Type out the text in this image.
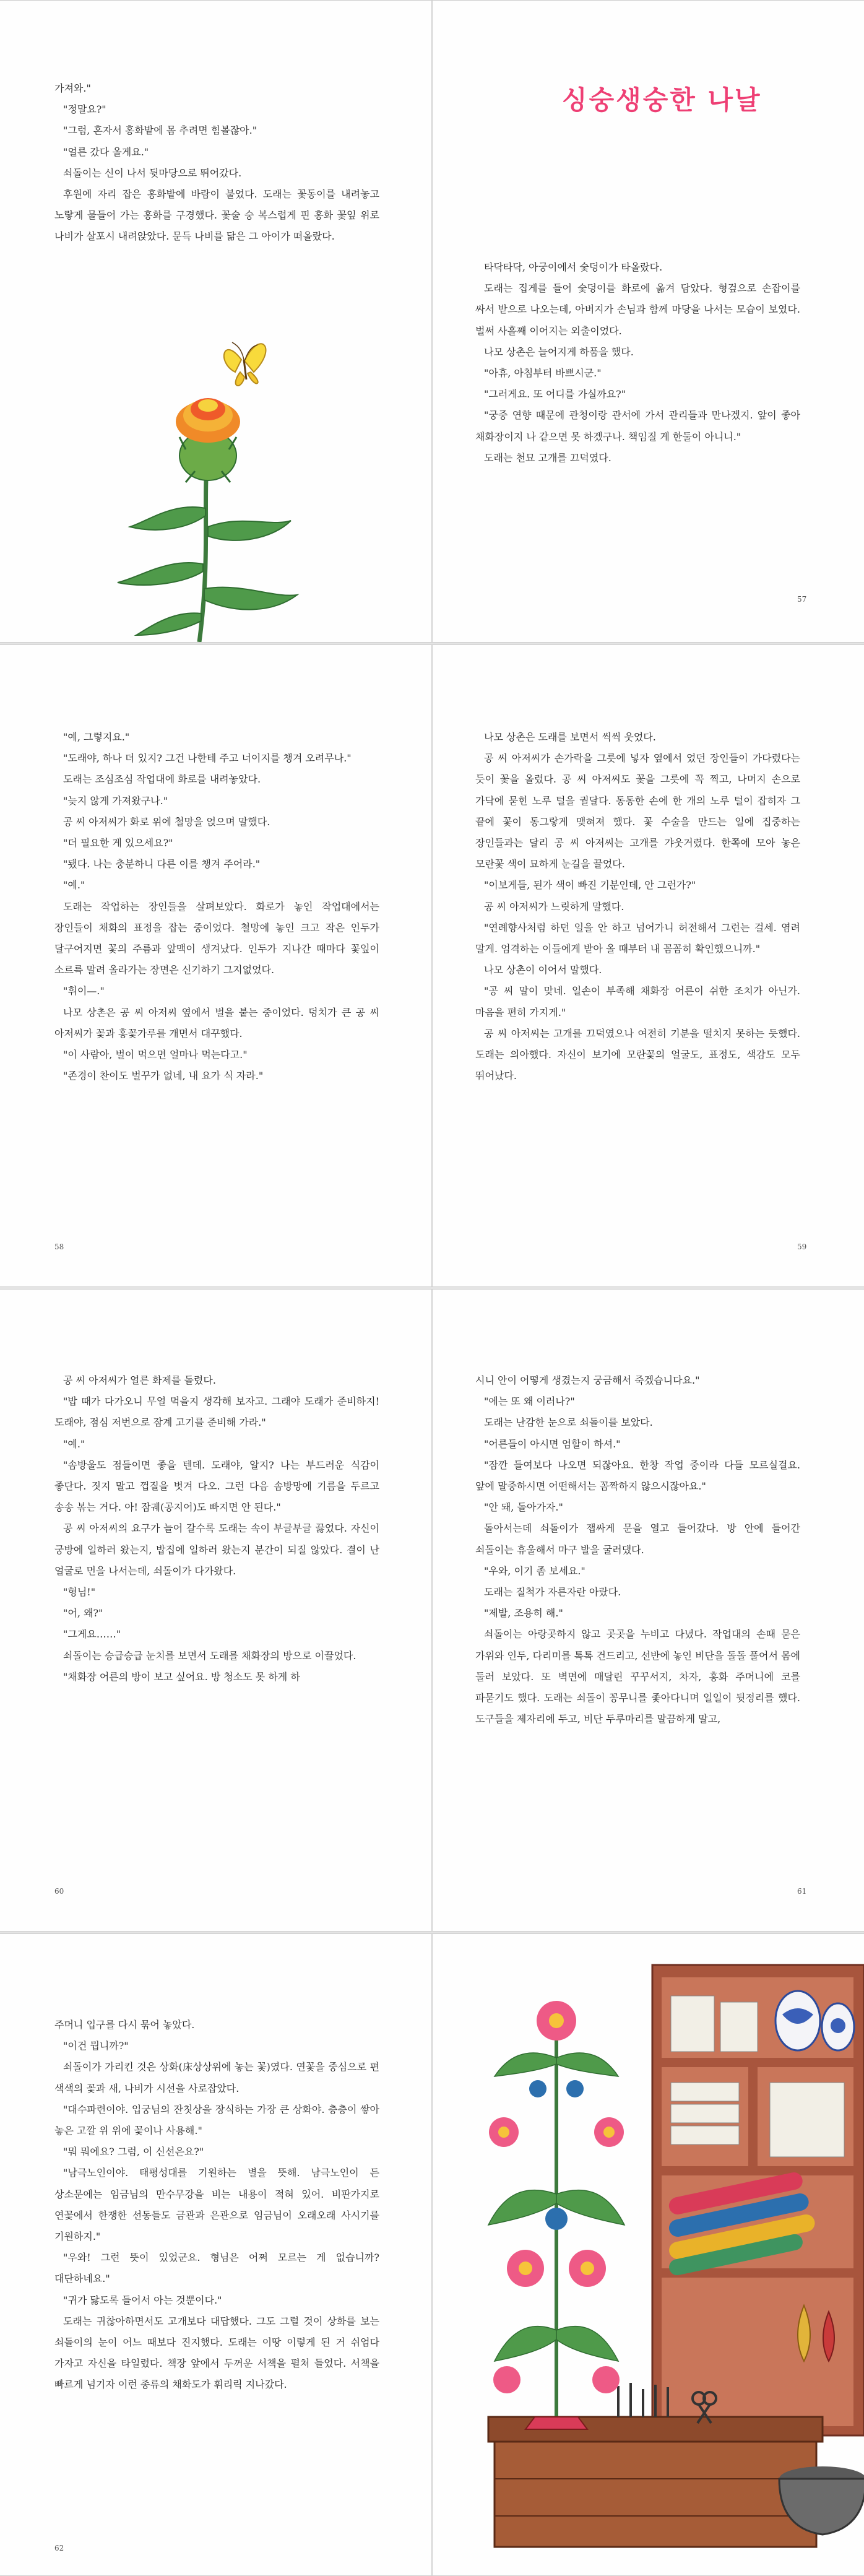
가져와."

"정말요?"

"그럼, 혼자서 홍화밭에 몸 추려면 힘볼잖아."

"얼른 갔다 올게요."

쇠돌이는 신이 나서 뒷마당으로 뛰어갔다.

후원에 자리 잡은 홍화밭에 바람이 불었다. 도래는 꽃동이를 내려놓고 노랗게 물들어 가는 홍화를 구경했다. 꽃술 숭 복스럽게 핀 홍화 꽃잎 위로 나비가 살포시 내려앉았다. 문득 나비를 닮은 그 아이가 떠올랐다.

싱숭생숭한 나날

타닥타닥, 아궁이에서 숯덩이가 타올랐다.

도래는 집게를 들어 숯덩이를 화로에 옮겨 담았다. 형겊으로 손잡이를 싸서 받으로 나오는데, 아버지가 손님과 함께 마당을 나서는 모습이 보였다. 벌써 사흘째 이어지는 외출이었다.

나모 상촌은 늘어지게 하품을 했다.

"아휴, 아침부터 바쁘시군."

"그러게요. 또 어디를 가실까요?"

"궁중 연향 때문에 관청이랑 관서에 가서 관리들과 만나겠지. 앞이 좋아 채화장이지 나 같으면 못 하겠구나. 책임질 게 한둘이 아니니."

도래는 천묘 고개를 끄덕였다.

57

"예, 그렇지요."

"도래야, 하나 더 있지? 그건 나한테 주고 너이지를 챙겨 오려무나."

도래는 조심조심 작업대에 화로를 내려놓았다.

"늦지 않게 가져왔구나."

공 씨 아저씨가 화로 위에 철망을 얹으며 말했다.

"더 필요한 게 있으세요?"

"됐다. 나는 충분하니 다른 이를 챙겨 주어라."

"예."

도래는 작업하는 장인들을 살펴보았다. 화로가 놓인 작업대에서는 장인들이 채화의 표정을 잡는 중이었다. 철망에 놓인 크고 작은 인두가 달구어지면 꽃의 주름과 앞맥이 생겨났다. 인두가 지나간 때마다 꽃잎이 소르륵 말려 올라가는 장면은 신기하기 그지없었다.

"휘이—."

나모 상촌은 공 씨 아저씨 옆에서 벌을 붙는 중이었다. 덩치가 큰 공 씨 아저씨가 꽃과 홍꽃가루를 개면서 대꾸했다.

"이 사람아, 벌이 먹으면 얼마나 먹는다고."

"존경이 찬이도 벌꾸가 없네, 내 요가 식 자라."

58

나모 상촌은 도래를 보면서 씩씩 웃었다.

공 씨 아저씨가 손가락을 그릇에 넣자 옆에서 었던 장인들이 가다렸다는 듯이 꽃을 올렸다. 공 씨 아저씨도 꽃을 그릇에 꼭 찍고, 나머지 손으로 가닥에 묻힌 노루 털을 궐달다. 동동한 손에 한 개의 노루 털이 잡히자 그 끝에 꽃이 동그랗게 맺혀져 했다. 꽃 수술을 만드는 일에 집중하는 장인들과는 달리 공 씨 아저씨는 고개를 갸웃거렸다. 한쪽에 모아 놓은 모란꽃 색이 묘하게 눈길을 끌었다.

"이보게들, 된가 색이 빠진 기분인데, 안 그런가?"

공 씨 아저씨가 느릿하게 말했다.

"연례향사처럼 하던 일을 안 하고 넘어가니 허전해서 그런는 걸세. 염려 말게. 엄격하는 이들에게 받아 올 때부터 내 꼼꼼히 확인했으니까."

나모 상촌이 이어서 말했다.

"공 씨 말이 맞네. 일손이 부족해 채화장 어른이 쉬한 조치가 아닌가. 마음을 편히 가지게."

공 씨 아저씨는 고개를 끄덕였으나 여전히 기분을 떨치지 못하는 듯했다. 도래는 의아했다. 자신이 보기에 모란꽃의 얼굴도, 표정도, 색감도 모두 뛰어났다.

59

공 씨 아저씨가 얼른 화제를 돌렸다.

"밥 때가 다가오니 무얼 먹을지 생각해 보자고. 그래야 도래가 준비하지! 도래야, 점심 저번으로 잠계 고기를 준비해 가라."

"예."

"솜방울도 점들이면 좋을 텐데. 도래야, 알지? 나는 부드러운 식감이 좋단다. 짓지 말고 껍질을 벗겨 다오. 그런 다음 솜방망에 기름을 두르고 송송 볶는 거다. 아! 잠궤(공지어)도 빠지면 안 된다."

공 씨 아저씨의 요구가 늘어 갈수록 도래는 속이 부글부글 끓었다. 자신이 궁방에 일하러 왔는지, 밥집에 일하러 왔는지 분간이 되질 않았다. 결이 난 얼굴로 먼을 나서는데, 쇠돌이가 다가왔다.

"형님!"

"어, 왜?"

"그게요……"

쇠돌이는 승급승급 눈치를 보면서 도래를 채화장의 방으로 이끌었다.

"채화장 어른의 방이 보고 싶어요. 방 청소도 못 하게 하

60

시니 안이 어떻게 생겼는지 궁금해서 죽겠습니다요."

"에는 또 왜 이러나?"

도래는 난감한 눈으로 쇠돌이를 보았다.

"어른들이 아시면 엄할이 하셔."

"잠깐 들여보다 나오면 되잖아요. 한창 작업 중이라 다들 모르실걸요. 앞에 말중하시면 어떤해서는 꼼짝하지 않으시잖아요."

"안 돼, 돌아가자."

돌아서는데 쇠돌이가 잽싸게 문을 열고 들어갔다. 방 안에 들어간 쇠돌이는 휴울해서 마구 발을 굴러댔다.

"우와, 이기 좀 보세요."

도래는 질척가 자른자란 아랐다.

"제발, 조용히 해."

쇠돌이는 아랑곳하지 않고 곳곳을 누비고 다녔다. 작업대의 손때 묻은 가위와 인두, 다리미를 톡톡 건드리고, 선반에 놓인 비단을 돌돌 풀어서 몸에 둘러 보았다. 또 벽면에 매달린 꾸꾸서지, 차자, 홍화 주머니에 코를 파묻기도 했다. 도래는 쇠돌이 꽁무니를 좇아다니며 일일이 뒷정리를 했다. 도구들을 제자리에 두고, 비단 두루마리를 말끔하게 말고,

61

주머니 입구를 다시 묶어 놓았다.

"이건 뭡니까?"

쇠돌이가 가리킨 것은 상화(床상상위에 놓는 꽃)였다. 연꽃을 중심으로 편 색색의 꽃과 새, 나비가 시선을 사로잡았다.

"대수파련이야. 입궁님의 잔칫상을 장식하는 가장 큰 상화야. 층층이 쌓아 놓은 고깔 위 위에 꽃이나 사용해."

"뭐 뭐에요? 그럼, 이 신선은요?"

"남극노인이야. 태평성대를 기원하는 별을 뜻해. 남극노인이 든 상소문에는 임금님의 만수무강을 비는 내용이 적혀 있어. 비판가지로 연꽃에서 한쟁한 선동들도 금관과 은관으로 임금님이 오래오래 사시기를 기원하지."

"우와! 그런 뜻이 있었군요. 형님은 어쩌 모르는 게 없습니까? 대단하네요."

"귀가 닳도록 들어서 아는 것뿐이다."

도래는 귀찮아하면서도 고개보다 대답했다. 그도 그럴 것이 상화를 보는 쇠돌이의 눈이 어느 때보다 진지했다. 도래는 이땅 이렇게 된 거 쉬엄다 가자고 자신을 타일렀다. 책장 앞에서 두꺼운 서책을 펼쳐 들었다. 서책을 빠르게 넘기자 이런 종류의 채화도가 휘리릭 지나갔다.

62
